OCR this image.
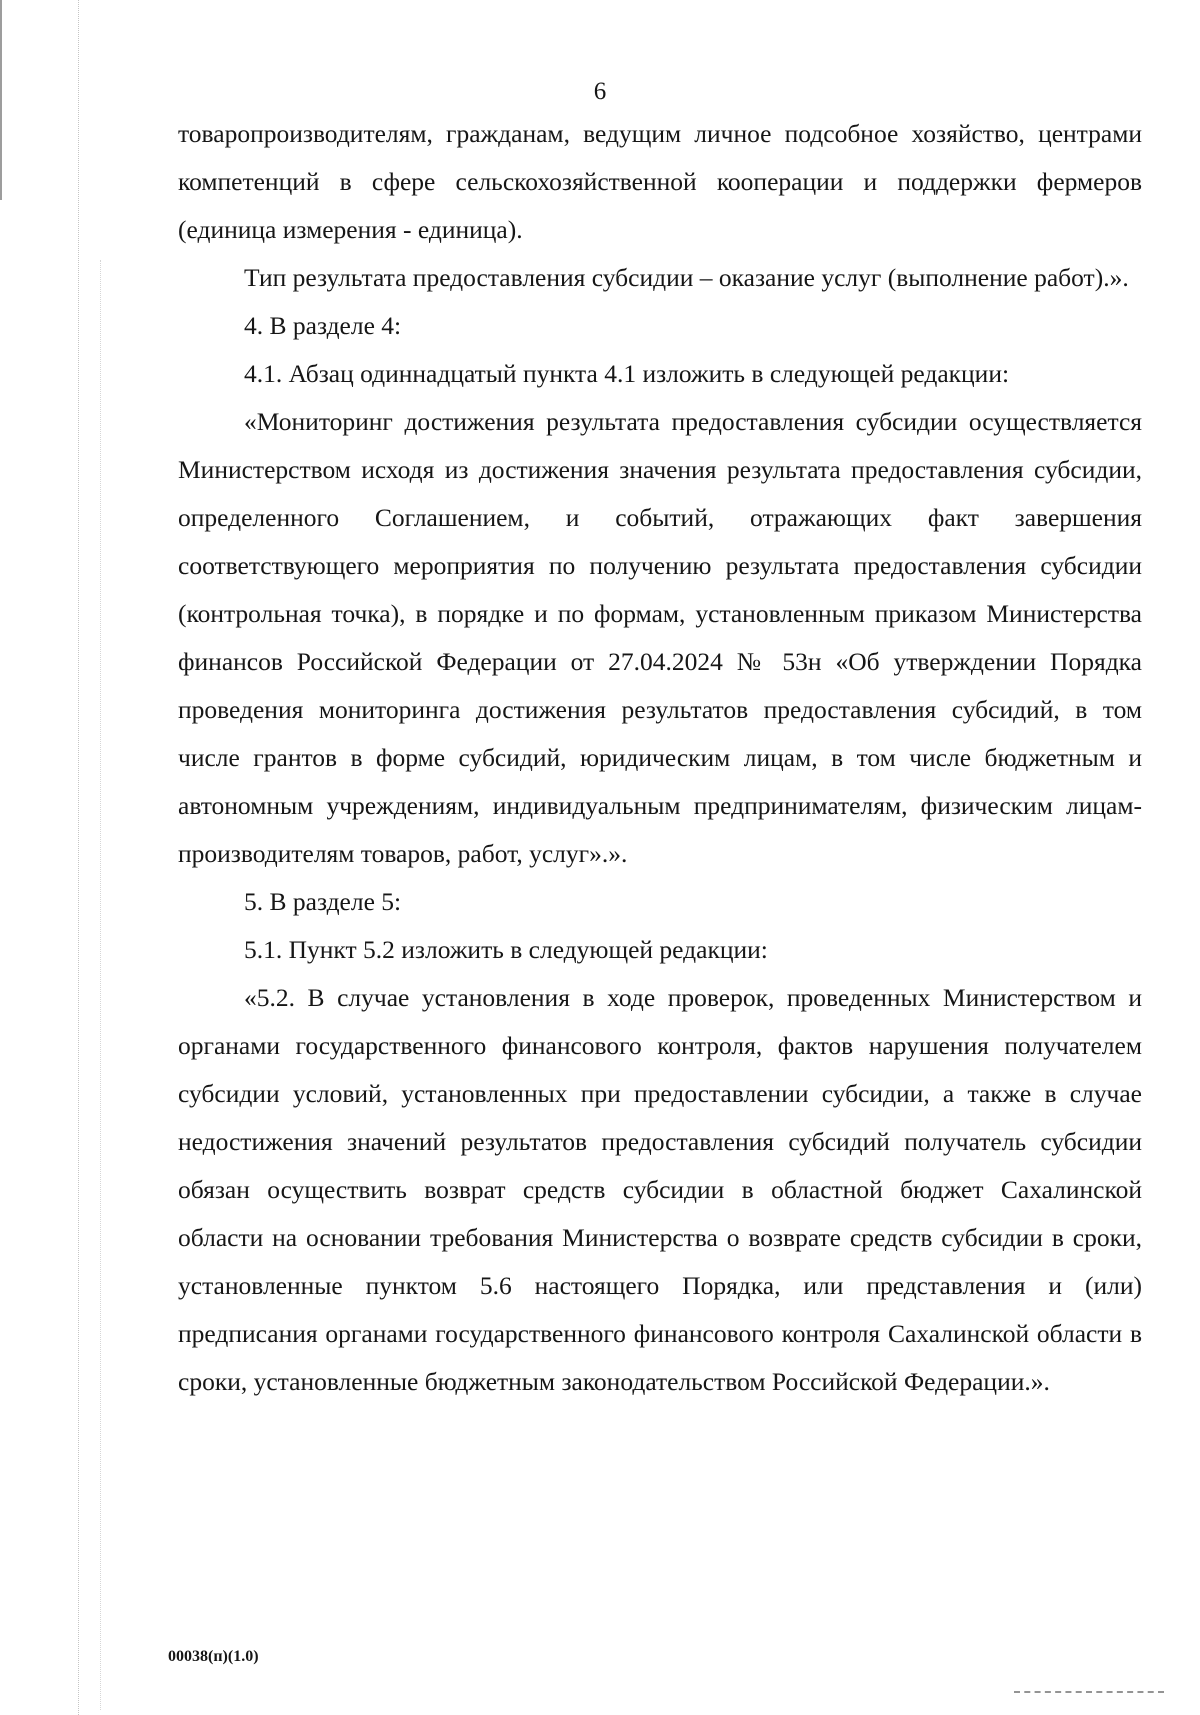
6

товаропроизводителям, гражданам, ведущим личное подсобное хозяйство, центрами компетенций в сфере сельскохозяйственной кооперации и поддержки фермеров (единица измерения - единица).

Тип результата предоставления субсидии – оказание услуг (выполнение работ).».

4. В разделе 4:

4.1. Абзац одиннадцатый пункта 4.1 изложить в следующей редакции:

«Мониторинг достижения результата предоставления субсидии осуществляется Министерством исходя из достижения значения результата предоставления субсидии, определенного Соглашением, и событий, отражающих факт завершения соответствующего мероприятия по получению результата предоставления субсидии (контрольная точка), в порядке и по формам, установленным приказом Министерства финансов Российской Федерации от 27.04.2024 № 53н «Об утверждении Порядка проведения мониторинга достижения результатов предоставления субсидий, в том числе грантов в форме субсидий, юридическим лицам, в том числе бюджетным и автономным учреждениям, индивидуальным предпринимателям, физическим лицам-производителям товаров, работ, услуг».».

5. В разделе 5:

5.1. Пункт 5.2 изложить в следующей редакции:

«5.2. В случае установления в ходе проверок, проведенных Министерством и органами государственного финансового контроля, фактов нарушения получателем субсидии условий, установленных при предоставлении субсидии, а также в случае недостижения значений результатов предоставления субсидий получатель субсидии обязан осуществить возврат средств субсидии в областной бюджет Сахалинской области на основании требования Министерства о возврате средств субсидии в сроки, установленные пунктом 5.6 настоящего Порядка, или представления и (или) предписания органами государственного финансового контроля Сахалинской области в сроки, установленные бюджетным законодательством Российской Федерации.».

00038(п)(1.0)
